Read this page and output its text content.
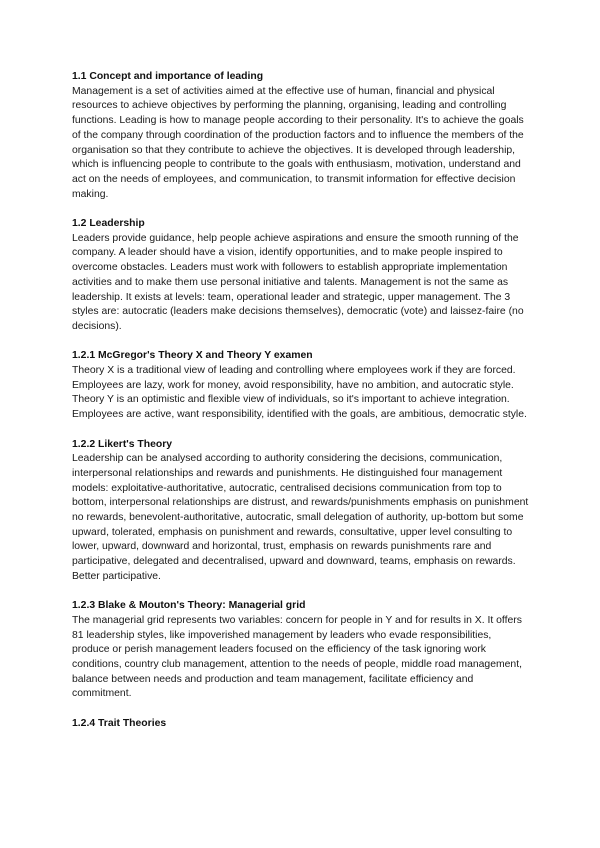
1.1 Concept and importance of leading

Management is a set of activities aimed at the effective use of human, financial and physical resources to achieve objectives by performing the planning, organising, leading and controlling functions. Leading is how to manage people according to their personality. It's to achieve the goals of the company through coordination of the production factors and to influence the members of the organisation so that they contribute to achieve the objectives. It is developed through leadership, which is influencing people to contribute to the goals with enthusiasm, motivation, understand and act on the needs of employees, and communication, to transmit information for effective decision making.

1.2 Leadership

Leaders provide guidance, help people achieve aspirations and ensure the smooth running of the company. A leader should have a vision, identify opportunities, and to make people inspired to overcome obstacles. Leaders must work with followers to establish appropriate implementation activities and to make them use personal initiative and talents. Management is not the same as leadership. It exists at levels: team, operational leader and strategic, upper management. The 3 styles are: autocratic (leaders make decisions themselves), democratic (vote) and laissez-faire (no decisions).

1.2.1 McGregor's Theory X and Theory Y examen

Theory X is a traditional view of leading and controlling where employees work if they are forced. Employees are lazy, work for money, avoid responsibility, have no ambition, and autocratic style. Theory Y is an optimistic and flexible view of individuals, so it's important to achieve integration. Employees are active, want responsibility, identified with the goals, are ambitious, democratic style.

1.2.2 Likert's Theory

Leadership can be analysed according to authority considering the decisions, communication, interpersonal relationships and rewards and punishments. He distinguished four management models: exploitative-authoritative, autocratic, centralised decisions communication from top to bottom, interpersonal relationships are distrust, and rewards/punishments emphasis on punishment no rewards, benevolent-authoritative, autocratic, small delegation of authority, up-bottom but some upward, tolerated, emphasis on punishment and rewards, consultative, upper level consulting to lower, upward, downward and horizontal, trust, emphasis on rewards punishments rare and participative, delegated and decentralised, upward and downward, teams, emphasis on rewards. Better participative.

1.2.3 Blake & Mouton's Theory: Managerial grid

The managerial grid represents two variables: concern for people in Y and for results in X. It offers 81 leadership styles, like impoverished management by leaders who evade responsibilities, produce or perish management leaders focused on the efficiency of the task ignoring work conditions, country club management, attention to the needs of people, middle road management, balance between needs and production and team management, facilitate efficiency and commitment.

1.2.4 Trait Theories
